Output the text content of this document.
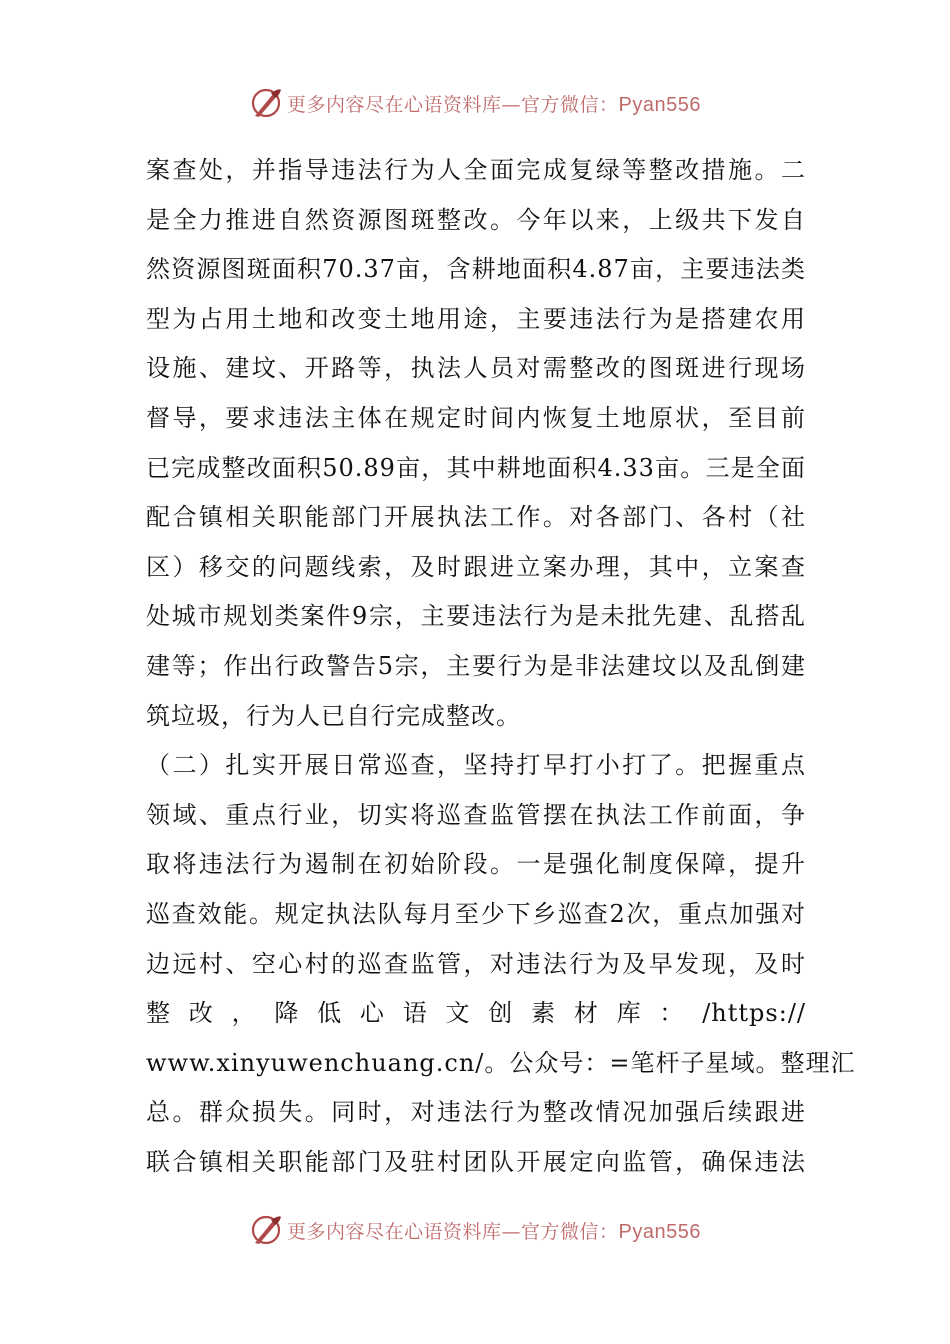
更多内容尽在心语资料库—官方微信：Pyan556
案查处，并指导违法行为人全面完成复绿等整改措施。二
是全力推进自然资源图斑整改。今年以来，上级共下发自
然资源图斑面积70.37亩，含耕地面积4.87亩，主要违法类
型为占用土地和改变土地用途，主要违法行为是搭建农用
设施、建坟、开路等，执法人员对需整改的图斑进行现场
督导，要求违法主体在规定时间内恢复土地原状，至目前
已完成整改面积50.89亩，其中耕地面积4.33亩。三是全面
配合镇相关职能部门开展执法工作。对各部门、各村（社
区）移交的问题线索，及时跟进立案办理，其中，立案查
处城市规划类案件9宗，主要违法行为是未批先建、乱搭乱
建等；作出行政警告5宗，主要行为是非法建坟以及乱倒建
筑垃圾，行为人已自行完成整改。
（二）扎实开展日常巡查，坚持打早打小打了。把握重点
领域、重点行业，切实将巡查监管摆在执法工作前面，争
取将违法行为遏制在初始阶段。一是强化制度保障，提升
巡查效能。规定执法队每月至少下乡巡查2次，重点加强对
边远村、空心村的巡查监管，对违法行为及早发现，及时
整 改 ， 降 低 心 语 文 创 素 材 库 ： /https://
www.xinyuwenchuang.cn/。公众号：=笔杆子星域。整理汇
总。群众损失。同时，对违法行为整改情况加强后续跟进
联合镇相关职能部门及驻村团队开展定向监管，确保违法
更多内容尽在心语资料库—官方微信：Pyan556
